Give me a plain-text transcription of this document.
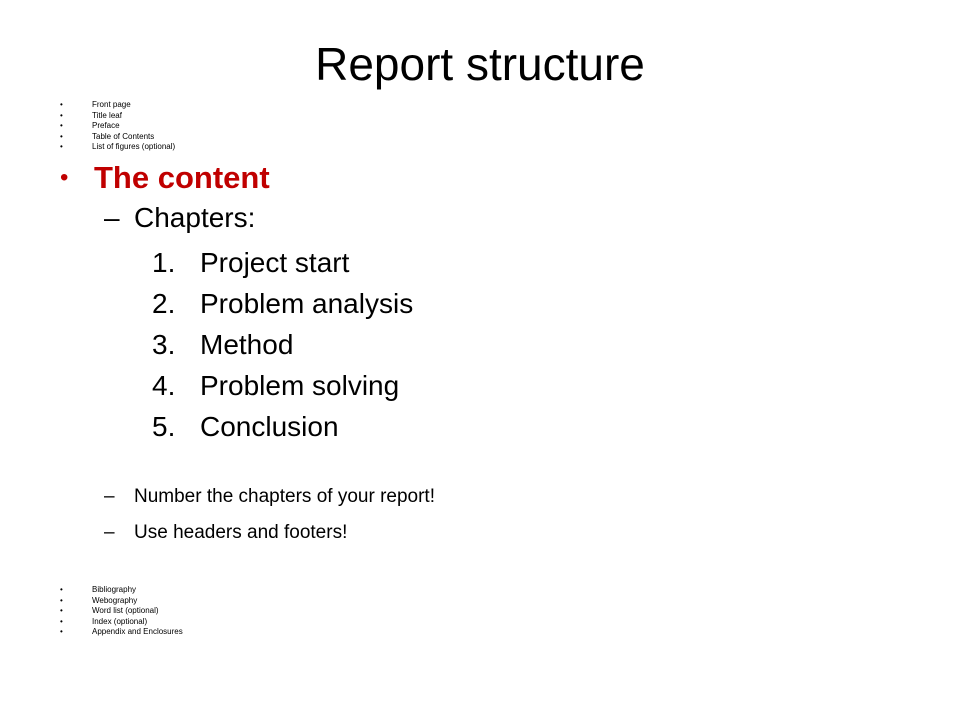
Report structure
•	Front page
•	Title leaf
•	Preface
•	Table of Contents
•	List of figures (optional)
• The content
– Chapters:
1. Project start
2. Problem analysis
3. Method
4. Problem solving
5. Conclusion
– Number the chapters of your report!
– Use headers and footers!
•	Bibliography
•	Webography
•	Word list (optional)
•	Index (optional)
•	Appendix and Enclosures
